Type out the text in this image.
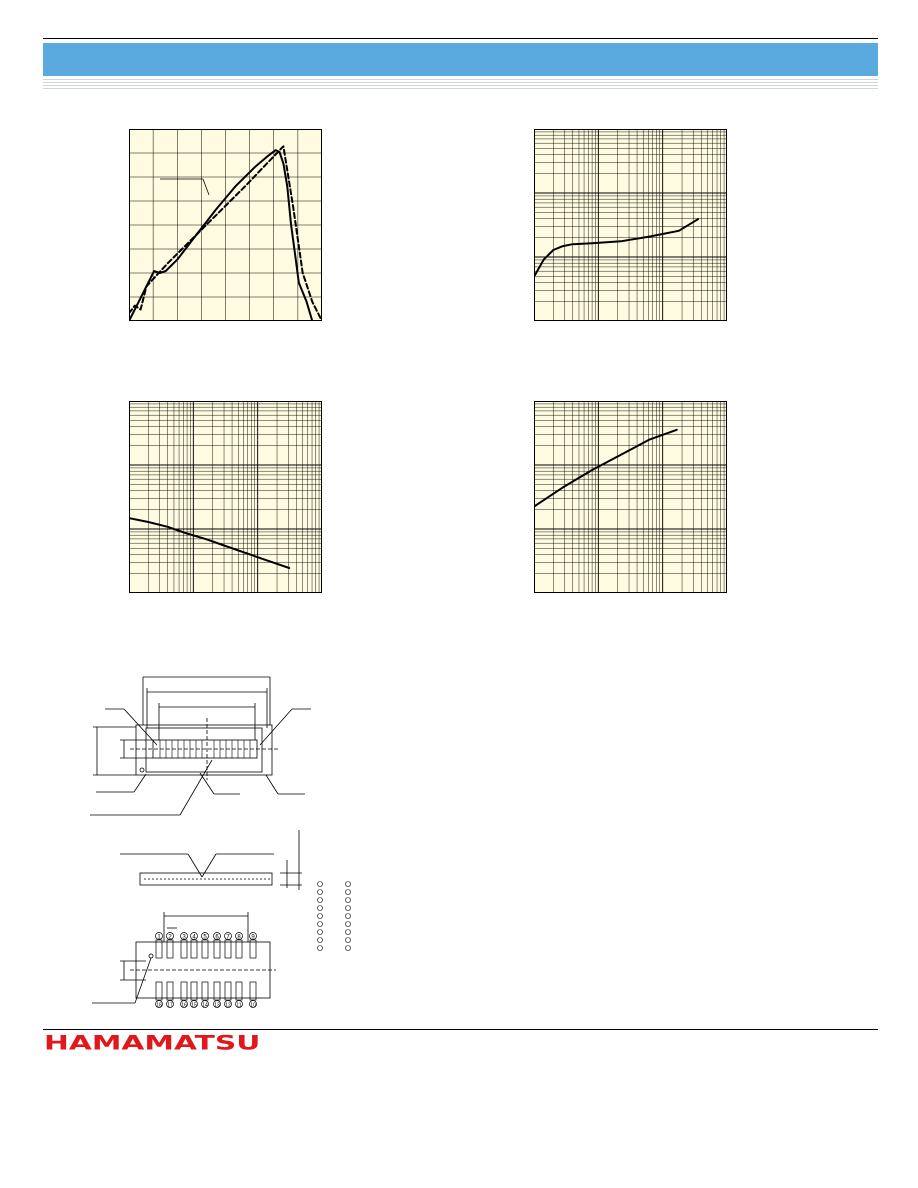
1 2 3 4 5 6 7 8 9
18 17 16 15 14 13 12 11 10
HAMAMATSU
